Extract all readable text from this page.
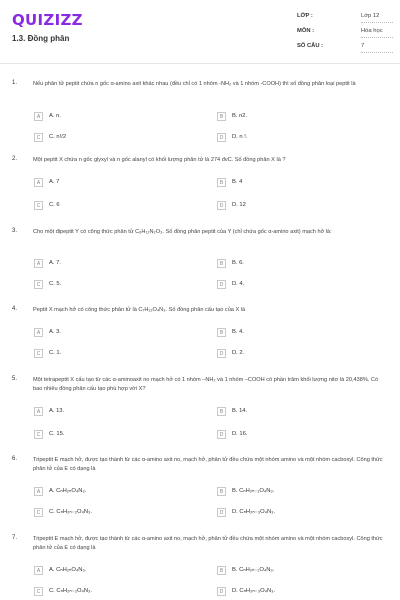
QUIZIZZ
1.3. Đồng phân
LỚP :	Lớp 12
MÔN :	Hóa học
SỐ CÂU :	7
1.	Nếu phân tử peptit chứa n gốc α-amino axit khác nhau (đều chỉ có 1 nhóm -NH₂ và 1 nhóm -COOH) thì số đồng phân loại peptit là
A	A. n.	B	B. n2.
C	C. n!/2	D	D. n !.
2.	Một peptit X chứa n gốc glyxyl và n gốc alanyl có khối lượng phân tử là 274 đvC. Số đồng phân X là ?
A	A. 7	B	B. 4
C	C. 6	D	D. 12
3.	Cho một đipeptit Y có công thức phân tử C₆H₁₂N₂O₃. Số đồng phân peptit của Y (chỉ chứa gốc α-amino axit) mạch hở là:
A	A. 7.	B	B. 6.
C	C. 5.	D	D. 4.
4.	Peptit X mạch hở có công thức phân tử là C₇H₁₃O₄N₃. Số đồng phân cấu tạo của X là
A	A. 3.	B	B. 4.
C	C. 1.	D	D. 2.
5.	Một tetrapeptit X cấu tạo từ các α-aminoaxit no mạch hở có 1 nhóm –NH₂ và 1 nhóm –COOH có phần trăm khối lượng nitơ là 20,438%. Có bao nhiêu đồng phân cấu tạo phù hợp với X?
A	A. 13.	B	B. 14.
C	C. 15.	D	D. 16.
6.	Tripeptit E mạch hở, được tạo thành từ các α-amino axit no, mạch hở, phân tử đều chứa một nhóm amino và một nhóm cacboxyl. Công thức phân tử của E có dạng là
A	A. CₙH₂ₙO₄N₃.	B	B. CₙH₂ₙ₋₁O₄N₃.
C	C. CₙH₂ₙ₋₂O₄N₃.	D	D. CₙH₂ₙ₋₃O₄N₃.
7.	Tripeptit E mạch hở, được tạo thành từ các α-amino axit no, mạch hở, phân tử đều chứa một nhóm amino và một nhóm cacboxyl. Công thức phân tử của E có dạng là
A	A. CₙH₂ₙO₄N₃.	B	B. CₙH₂ₙ₋₁O₄N₃.
C	C. CₙH₂ₙ₋₂O₄N₃.	D	D. CₙH₂ₙ₋₃O₄N₃.
